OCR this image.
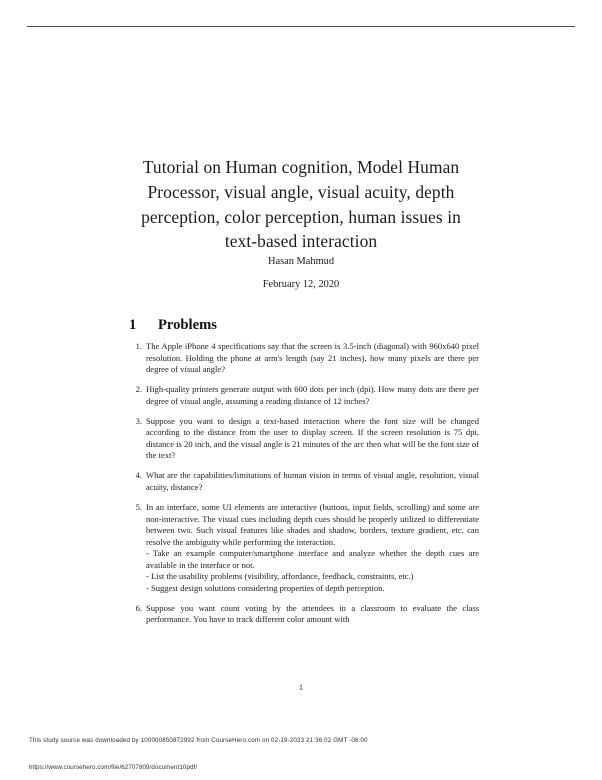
Tutorial on Human cognition, Model Human Processor, visual angle, visual acuity, depth perception, color perception, human issues in text-based interaction
Hasan Mahmud
February 12, 2020
1 Problems
1. The Apple iPhone 4 specifications say that the screen is 3.5-inch (diagonal) with 960x640 pixel resolution. Holding the phone at arm's length (say 21 inches), how many pixels are there per degree of visual angle?
2. High-quality printers generate output with 600 dots per inch (dpi). How many dots are there per degree of visual angle, assuming a reading distance of 12 inches?
3. Suppose you want to design a text-based interaction where the font size will be changed according to the distance from the user to display screen. If the screen resolution is 75 dpi, distance is 20 inch, and the visual angle is 21 minutes of the arc then what will be the font size of the text?
4. What are the capabilities/limitations of human vision in terms of visual angle, resolution, visual acuity, distance?
5. In an interface, some UI elements are interactive (buttons, input fields, scrolling) and some are non-interactive. The visual cues including depth cues should be properly utilized to differentiate between two. Such visual features like shades and shadow, borders, texture gradient, etc. can resolve the ambiguity while performing the interaction.
- Take an example computer/smartphone interface and analyze whether the depth cues are available in the interface or not.
- List the usability problems (visibility, affordance, feedback, constraints, etc.)
- Suggest design solutions considering properties of depth perception.
6. Suppose you want count voting by the attendees in a classroom to evaluate the class performance. You have to track different color amount with
1
This study source was downloaded by 100000850872992 from CourseHero.com on 02-19-2023 21:36:02 GMT -06:00
https://www.coursehero.com/file/62707809/document10pdf/
